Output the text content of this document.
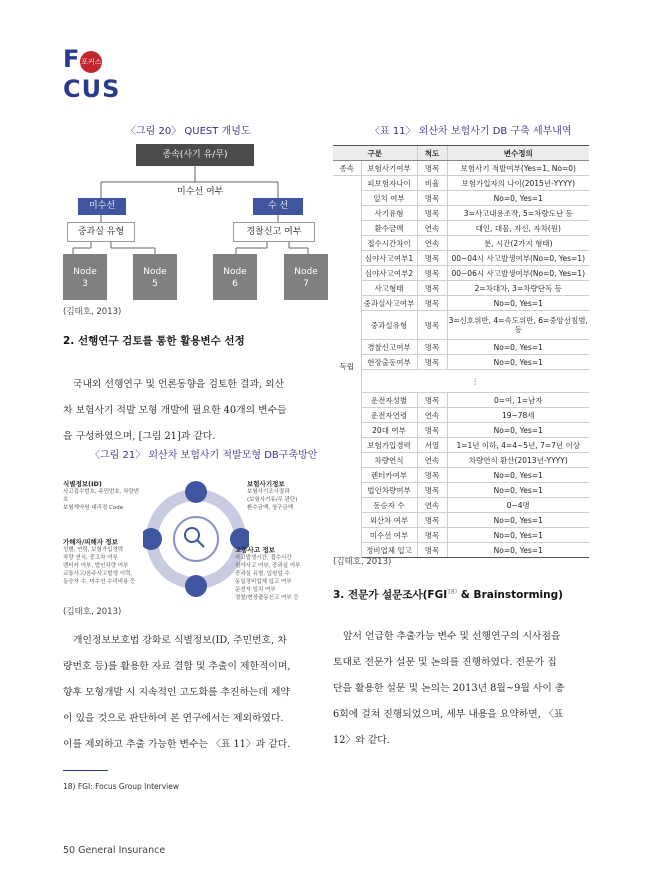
F포커스CUS
〈그림 20〉 QUEST 개념도
종속(사기 유/무)
미수선 여부
미수선	수 선
중과실 유형	경찰신고 여부
Node
3
Node
5
Node
6
Node
7
(김태호, 2013)
2. 선행연구 검토를 통한 활용변수 선정
국내외 선행연구 및 언론동향을 검토한 결과, 외산
차 보험사기 적발 모형 개발에 필요한 40개의 변수들
을 구성하였으며, [그림 21]과 같다.
〈그림 21〉 외산차 보험사기 적발모형 DB구축방안
식별정보(ID)
사고접수번호, 주민번호, 차량번호
보험계약원 대리점 Code
보험사기정보
보험사기조사결과
(보험사기유/무 판단)
환수금액, 청구금액
가해자/피해자 정보
성별, 연령, 보험가입경력
차량 연식, 중고차 여부
렌터카 여부, 법인차량 여부
교통사고/음주사고발생 이력,
동승자 수, 미수선 수리비용 등
교통사고 정보
사고발생시간, 접수시간
심야사고 여부, 중과실 여부
중과실 유형, 입원일 수
동일정비업체 입고 여부
운전자 일치 여부
경찰/현장출동신고 여부 등
(김태호, 2013)
개인정보보호법 강화로 식별정보(ID, 주민번호, 차
량번호 등)를 활용한 자료 결합 및 추출이 제한적이며,
향후 모형개발 시 지속적인 고도화를 추진하는데 제약
이 있을 것으로 판단하여 본 연구에서는 제외하였다.
이를 제외하고 추출 가능한 변수는 〈표 11〉과 같다.
〈표 11〉 외산차 보험사기 DB 구축 세부내역
구분		척도	변수정의
종속	보험사기여부	명목	보험사기 적발여부(Yes=1, No=0)
독립	피보험자나이	비율	보험가입자의 나이(2015년-YYYY)
	일치 여부	명목	No=0, Yes=1
	사기유형	명목	3=사고내용조작, 5=차량도난 등
	환수금액	연속	대인, 대물, 자신, 자차(원)
	접수시간차이	연속	분, 시간(2가지 형태)
	심야사고여부1	명목	00~04시 사고발생여부(No=0, Yes=1)
	심야사고여부2	명목	00~06시 사고발생여부(No=0, Yes=1)
	사고형태	명목	2=차대차, 3=차량단독 등
	중과실사고여부	명목	No=0, Yes=1
	중과실유형	명목	3=신호위반, 4=속도위반, 6=중앙선침범,
등

	경찰신고여부	명목	No=0, Yes=1
	현장출동여부	명목	No=0, Yes=1
	⋮		
	운전자성별	명목	0=여, 1=남자
	운전자연령	연속	19~78세
	20대 여부	명목	No=0, Yes=1
	보험가입경력	서열	1=1년 이하, 4=4~5년, 7=7년 이상
	차량연식	연속	차량연식 환산(2013년-YYYY)
	렌터카여부	명목	No=0, Yes=1
	법인차량여부	명목	No=0, Yes=1
	동승자 수	연속	0~4명
	외산차 여부	명목	No=0, Yes=1
	미수선 여부	명목	No=0, Yes=1
	정비업체 입고	명목	No=0, Yes=1
(김태호, 2013)
3. 전문가 설문조사(FGI$^{18)}$ & Brainstorming)
앞서 언급한 추출가능 변수 및 선행연구의 시사점을
토대로 전문가 설문 및 논의를 진행하였다. 전문가 집
단을 활용한 설문 및 논의는 2013년 8월~9월 사이 총
6회에 걸쳐 진행되었으며, 세부 내용을 요약하면, 〈표
12〉와 같다.
18) FGI: Focus Group Interview
50 General Insurance
